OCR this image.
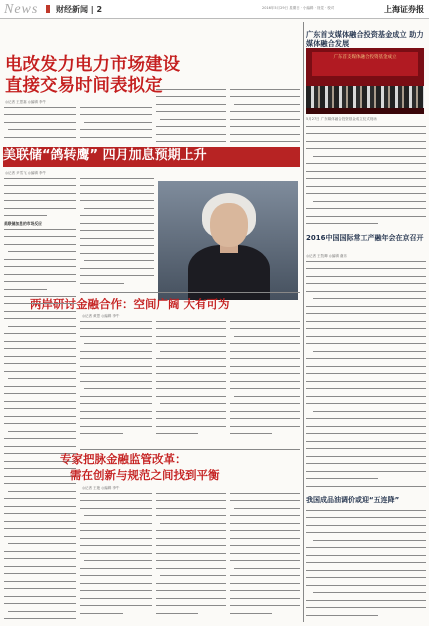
News 财经新闻 | 2	2016年5月29日 星期日 · 小编辑 · 视觉 · 校对	上海证券报
电改发力电力市场建设
直接交易时间表拟定
◎记者 王思嘉 ◎编辑 李牛
美联储“鸽转鹰” 四月加息预期上升
◎记者 尹雪飞 ◎编辑 李牛
美联储加息的市场反应
广东首支媒体融合投资基金成立 助力媒体融合发展
广东首支媒体融合投资基金成立
5月27日 广东媒体融合投资基金成立仪式现场
2016中国国际常工产融年会在京召开
◎记者 王牧卿 ◎编辑 谢乐
我国成品油调价或迎“五连降”
两岸研讨金融合作：空间广阔 大有可为
◎记者 黄思 ◎编辑 李牛
专家把脉金融监管改革：
需在创新与规范之间找到平衡
◎记者 王艳 ◎编辑 李牛
